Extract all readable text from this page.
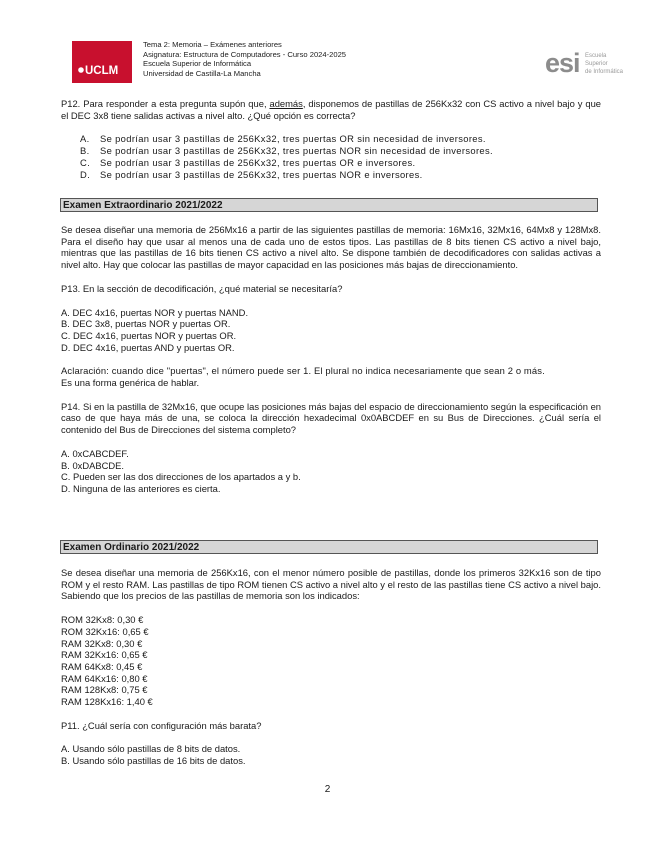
UCLM
Tema 2: Memoria – Exámenes anteriores
Asignatura: Estructura de Computadores - Curso 2024-2025
Escuela Superior de Informática
Universidad de Castilla-La Mancha	esi Escuela
Superior
de Informática

P12. Para responder a esta pregunta supón que, además, disponemos de pastillas de 256Kx32 con CS activo a nivel bajo y que el DEC 3x8 tiene salidas activas a nivel alto. ¿Qué opción es correcta?

A.	Se podrían usar 3 pastillas de 256Kx32, tres puertas OR sin necesidad de inversores.
B.	Se podrían usar 3 pastillas de 256Kx32, tres puertas NOR sin necesidad de inversores.
C.	Se podrían usar 3 pastillas de 256Kx32, tres puertas OR e inversores.
D.	Se podrían usar 3 pastillas de 256Kx32, tres puertas NOR e inversores.
Examen Extraordinario 2021/2022

Se desea diseñar una memoria de 256Mx16 a partir de las siguientes pastillas de memoria: 16Mx16, 32Mx16, 64Mx8 y 128Mx8. Para el diseño hay que usar al menos una de cada uno de estos tipos. Las pastillas de 8 bits tienen CS activo a nivel bajo, mientras que las pastillas de 16 bits tienen CS activo a nivel alto. Se dispone también de decodificadores con salidas activas a nivel alto. Hay que colocar las pastillas de mayor capacidad en las posiciones más bajas de direccionamiento.

P13. En la sección de decodificación, ¿qué material se necesitaría?

A. DEC 4x16, puertas NOR y puertas NAND.
B. DEC 3x8, puertas NOR y puertas OR.
C. DEC 4x16, puertas NOR y puertas OR.
D. DEC 4x16, puertas AND y puertas OR.

Aclaración: cuando dice "puertas", el número puede ser 1. El plural no indica necesariamente que sean 2 o más.

Es una forma genérica de hablar.

P14. Si en la pastilla de 32Mx16, que ocupe las posiciones más bajas del espacio de direccionamiento según la especificación en caso de que haya más de una, se coloca la dirección hexadecimal 0x0ABCDEF en su Bus de Direcciones. ¿Cuál sería el contenido del Bus de Direcciones del sistema completo?

A. 0xCABCDEF.
B. 0xDABCDE.
C. Pueden ser las dos direcciones de los apartados a y b.
D. Ninguna de las anteriores es cierta.
Examen Ordinario 2021/2022

Se desea diseñar una memoria de 256Kx16, con el menor número posible de pastillas, donde los primeros 32Kx16 son de tipo ROM y el resto RAM. Las pastillas de tipo ROM tienen CS activo a nivel alto y el resto de las pastillas tiene CS activo a nivel bajo. Sabiendo que los precios de las pastillas de memoria son los indicados:

ROM 32Kx8: 0,30 €
ROM 32Kx16: 0,65 €
RAM 32Kx8: 0,30 €
RAM 32Kx16: 0,65 €
RAM 64Kx8: 0,45 €
RAM 64Kx16: 0,80 €
RAM 128Kx8: 0,75 €
RAM 128Kx16: 1,40 €

P11. ¿Cuál sería con configuración más barata?

A. Usando sólo pastillas de 8 bits de datos.
B. Usando sólo pastillas de 16 bits de datos.
2
